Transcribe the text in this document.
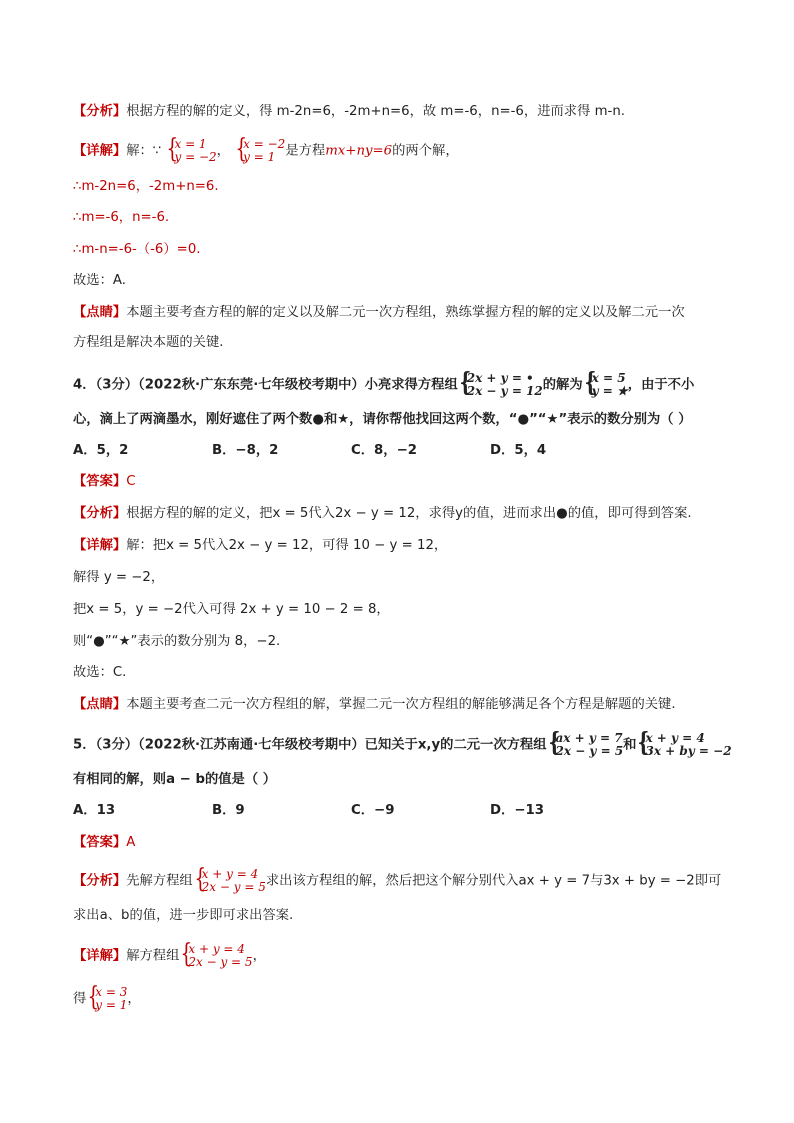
【分析】根据方程的解的定义，得 m-2n=6，-2m+n=6，故 m=-6，n=-6，进而求得 m-n.
【详解】解：∵ { x = 1
y = −2 ， { x = −2
y = 1 是方程mx+ny=6的两个解，
∴m-2n=6，-2m+n=6.
∴m=-6，n=-6.
∴m-n=-6-（-6）=0.
故选：A.
【点睛】本题主要考查方程的解的定义以及解二元一次方程组，熟练掌握方程的解的定义以及解二元一次
方程组是解决本题的关键.
4．（3分）（2022秋·广东东莞·七年级校考期中）小亮求得方程组 { 2x + y = •
2x − y = 12 的解为 { x = 5
y = ★ ，由于不小
心，滴上了两滴墨水，刚好遮住了两个数●和★，请你帮他找回这两个数，“●”“★”表示的数分别为（ ）
A．5，2	B．−8，2	C．8，−2	D．5，4
【答案】C
【分析】根据方程的解的定义，把x = 5代入2x − y = 12，求得y的值，进而求出●的值，即可得到答案.
【详解】解：把x = 5代入2x − y = 12，可得 10 − y = 12，
解得 y = −2，
把x = 5，y = −2代入可得 2x + y = 10 − 2 = 8，
则“●”“★”表示的数分别为 8，−2.
故选：C.
【点睛】本题主要考查二元一次方程组的解，掌握二元一次方程组的解能够满足各个方程是解题的关键.
5．（3分）（2022秋·江苏南通·七年级校考期中）已知关于x,y的二元一次方程组 { ax + y = 7
2x − y = 5 和 { x + y = 4
3x + by = −2
有相同的解，则a − b的值是（ ）
A．13	B．9	C．−9	D．−13
【答案】A
【分析】先解方程组 { x + y = 4
2x − y = 5 求出该方程组的解，然后把这个解分别代入ax + y = 7与3x + by = −2即可
求出a、b的值，进一步即可求出答案.
【详解】解方程组 { x + y = 4
2x − y = 5 ，
得 { x = 3
y = 1 ，
